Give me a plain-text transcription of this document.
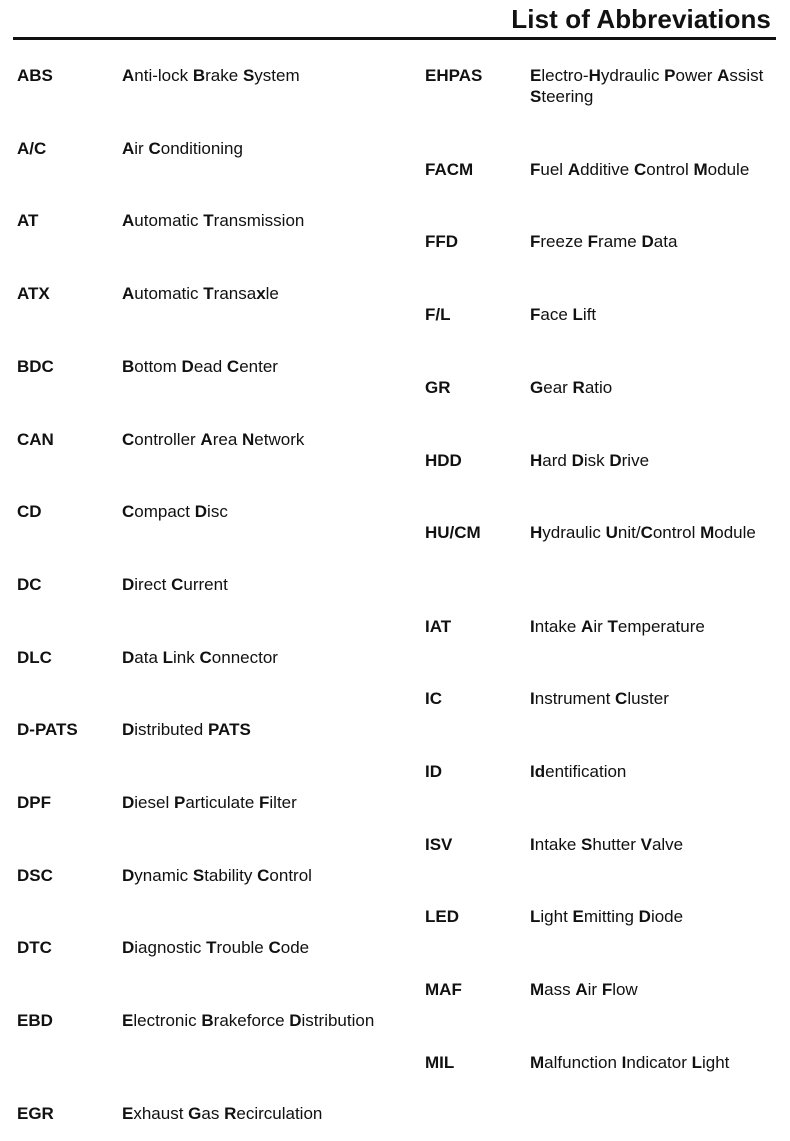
List of Abbreviations
ABS	Anti-lock Brake System
A/C	Air Conditioning
AT	Automatic Transmission
ATX	Automatic Transaxle
BDC	Bottom Dead Center
CAN	Controller Area Network
CD	Compact Disc
DC	Direct Current
DLC	Data Link Connector
D-PATS	Distributed PATS
DPF	Diesel Particulate Filter
DSC	Dynamic Stability Control
DTC	Diagnostic Trouble Code
EBD	Electronic Brakeforce Distribution
EGR	Exhaust Gas Recirculation
EHPAS	Electro-Hydraulic Power Assist Steering
FACM	Fuel Additive Control Module
FFD	Freeze Frame Data
F/L	Face Lift
GR	Gear Ratio
HDD	Hard Disk Drive
HU/CM	Hydraulic Unit/Control Module
IAT	Intake Air Temperature
IC	Instrument Cluster
ID	Identification
ISV	Intake Shutter Valve
LED	Light Emitting Diode
MAF	Mass Air Flow
MIL	Malfunction Indicator Light
